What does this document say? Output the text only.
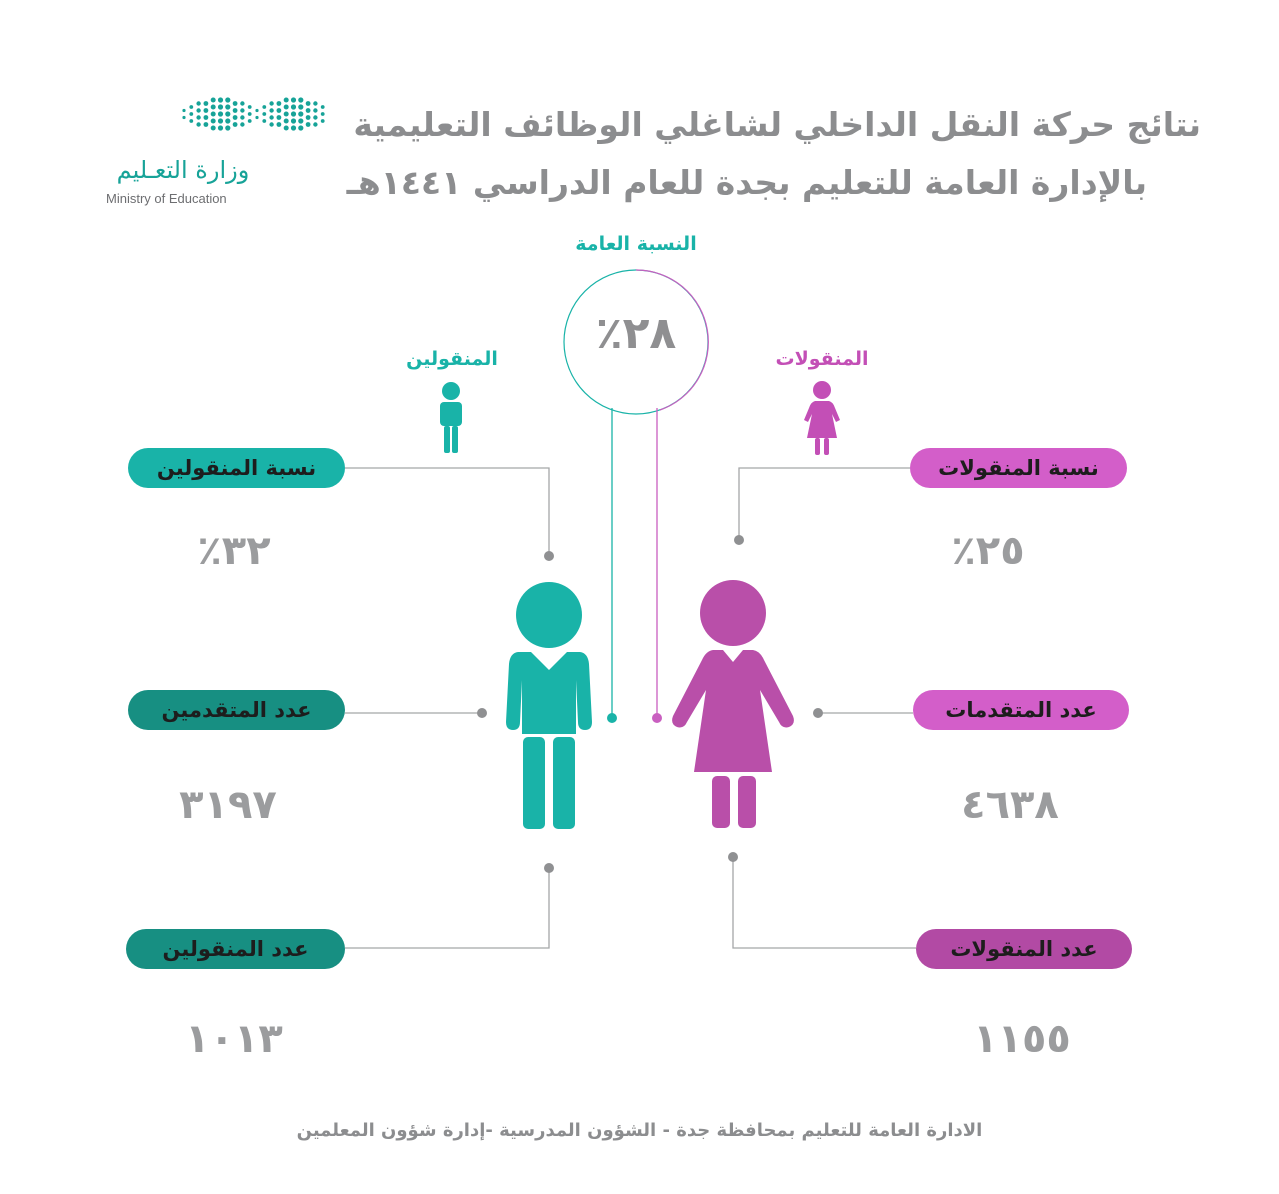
نتائج حركة النقل الداخلي لشاغلي الوظائف التعليمية
بالإدارة العامة للتعليم بجدة للعام الدراسي ١٤٤١هـ
وزارة التعـليم
Ministry of Education
النسبة العامة
٢٨٪
المنقولين	المنقولات
نسبة المنقولين
٣٢٪
عدد المتقدمين
٣١٩٧
عدد المنقولين
١٠١٣
نسبة المنقولات
٢٥٪
عدد المتقدمات
٤٦٣٨
عدد المنقولات
١١٥٥
الادارة العامة للتعليم بمحافظة جدة - الشؤون المدرسية -إدارة شؤون المعلمين
